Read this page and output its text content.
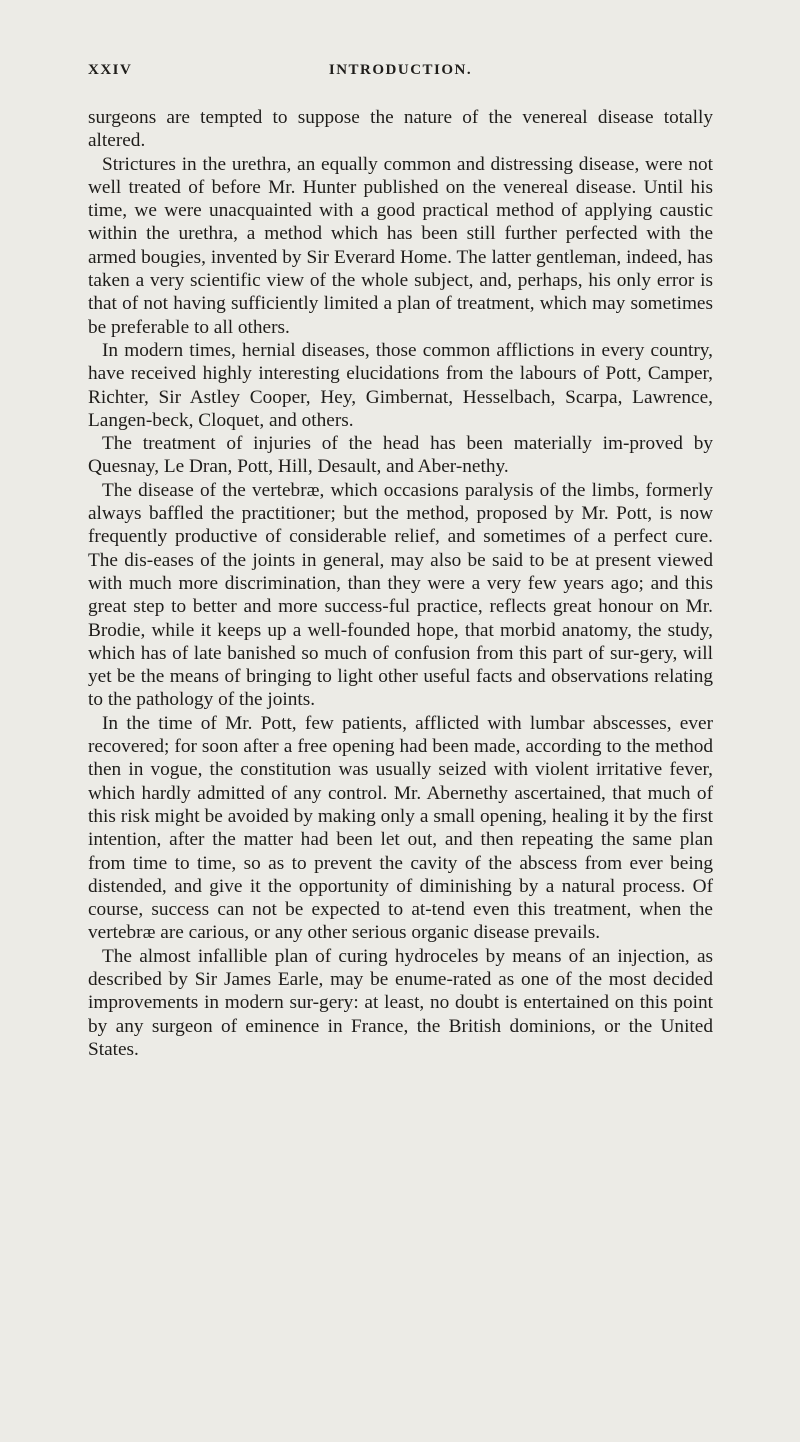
XXIV	INTRODUCTION.

surgeons are tempted to suppose the nature of the venereal disease totally altered.

Strictures in the urethra, an equally common and distressing disease, were not well treated of before Mr. Hunter published on the venereal disease. Until his time, we were unacquainted with a good practical method of applying caustic within the urethra, a method which has been still further perfected with the armed bougies, invented by Sir Everard Home. The latter gentleman, indeed, has taken a very scientific view of the whole subject, and, perhaps, his only error is that of not having sufficiently limited a plan of treatment, which may sometimes be preferable to all others.

In modern times, hernial diseases, those common afflictions in every country, have received highly interesting elucidations from the labours of Pott, Camper, Richter, Sir Astley Cooper, Hey, Gimbernat, Hesselbach, Scarpa, Lawrence, Langen-beck, Cloquet, and others.

The treatment of injuries of the head has been materially im-proved by Quesnay, Le Dran, Pott, Hill, Desault, and Aber-nethy.

The disease of the vertebræ, which occasions paralysis of the limbs, formerly always baffled the practitioner; but the method, proposed by Mr. Pott, is now frequently productive of considerable relief, and sometimes of a perfect cure. The dis-eases of the joints in general, may also be said to be at present viewed with much more discrimination, than they were a very few years ago; and this great step to better and more success-ful practice, reflects great honour on Mr. Brodie, while it keeps up a well-founded hope, that morbid anatomy, the study, which has of late banished so much of confusion from this part of sur-gery, will yet be the means of bringing to light other useful facts and observations relating to the pathology of the joints.

In the time of Mr. Pott, few patients, afflicted with lumbar abscesses, ever recovered; for soon after a free opening had been made, according to the method then in vogue, the constitution was usually seized with violent irritative fever, which hardly admitted of any control. Mr. Abernethy ascertained, that much of this risk might be avoided by making only a small opening, healing it by the first intention, after the matter had been let out, and then repeating the same plan from time to time, so as to prevent the cavity of the abscess from ever being distended, and give it the opportunity of diminishing by a natural process. Of course, success can not be expected to at-tend even this treatment, when the vertebræ are carious, or any other serious organic disease prevails.

The almost infallible plan of curing hydroceles by means of an injection, as described by Sir James Earle, may be enume-rated as one of the most decided improvements in modern sur-gery: at least, no doubt is entertained on this point by any surgeon of eminence in France, the British dominions, or the United States.
